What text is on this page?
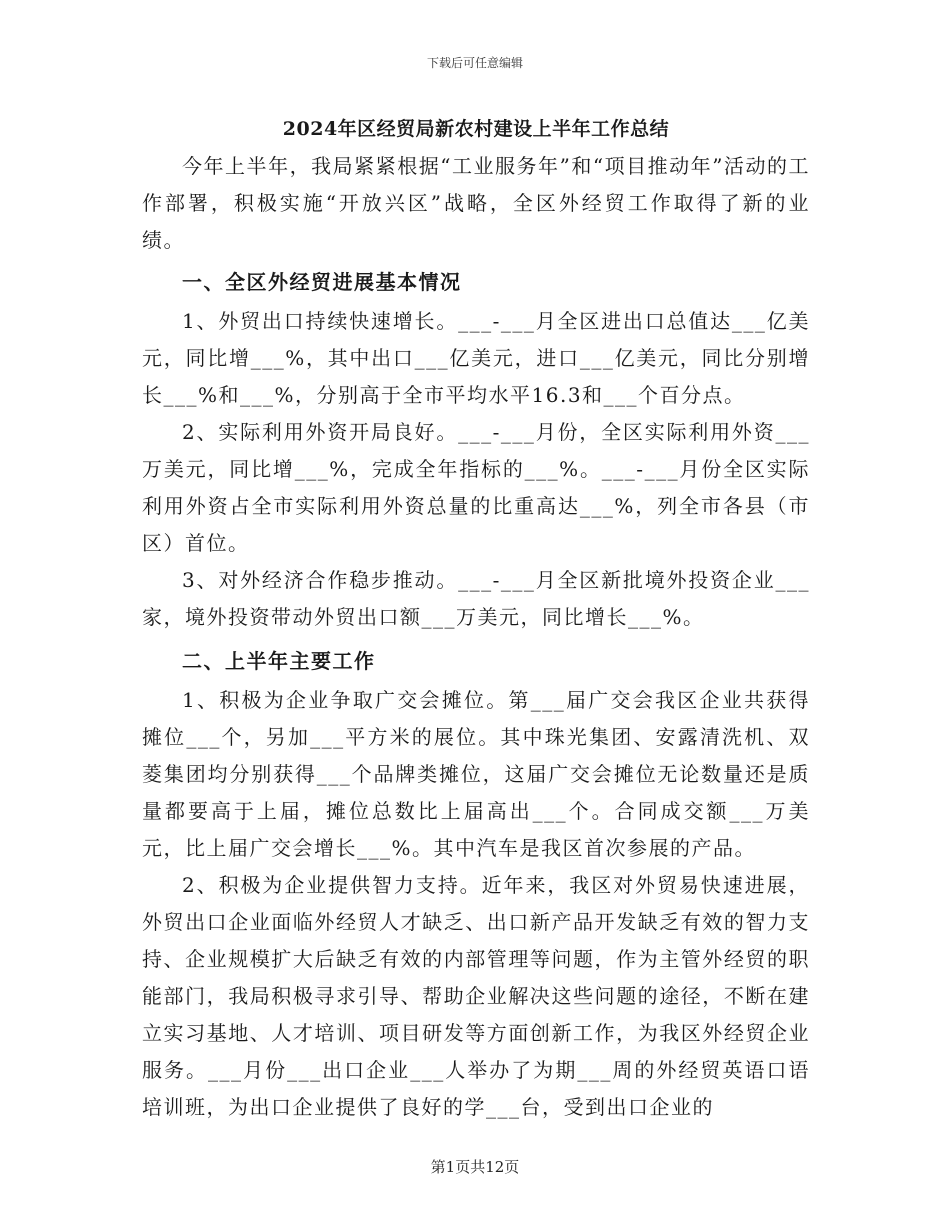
下载后可任意编辑
2024年区经贸局新农村建设上半年工作总结

今年上半年，我局紧紧根据“工业服务年”和“项目推动年”活动的工作部署，积极实施“开放兴区”战略，全区外经贸工作取得了新的业绩。

一、全区外经贸进展基本情况

1、外贸出口持续快速增长。___-___月全区进出口总值达___亿美元，同比增___%，其中出口___亿美元，进口___亿美元，同比分别增长___%和___%，分别高于全市平均水平16.3和___个百分点。

2、实际利用外资开局良好。___-___月份，全区实际利用外资___万美元，同比增___%，完成全年指标的___%。___-___月份全区实际利用外资占全市实际利用外资总量的比重高达___%，列全市各县（市区）首位。

3、对外经济合作稳步推动。___-___月全区新批境外投资企业___家，境外投资带动外贸出口额___万美元，同比增长___%。

二、上半年主要工作

1、积极为企业争取广交会摊位。第___届广交会我区企业共获得摊位___个，另加___平方米的展位。其中珠光集团、安露清洗机、双菱集团均分别获得___个品牌类摊位，这届广交会摊位无论数量还是质量都要高于上届，摊位总数比上届高出___个。合同成交额___万美元，比上届广交会增长___%。其中汽车是我区首次参展的产品。

2、积极为企业提供智力支持。近年来，我区对外贸易快速进展，外贸出口企业面临外经贸人才缺乏、出口新产品开发缺乏有效的智力支持、企业规模扩大后缺乏有效的内部管理等问题，作为主管外经贸的职能部门，我局积极寻求引导、帮助企业解决这些问题的途径，不断在建立实习基地、人才培训、项目研发等方面创新工作，为我区外经贸企业服务。___月份___出口企业___人举办了为期___周的外经贸英语口语培训班，为出口企业提供了良好的学___台，受到出口企业的

第1页共12页
